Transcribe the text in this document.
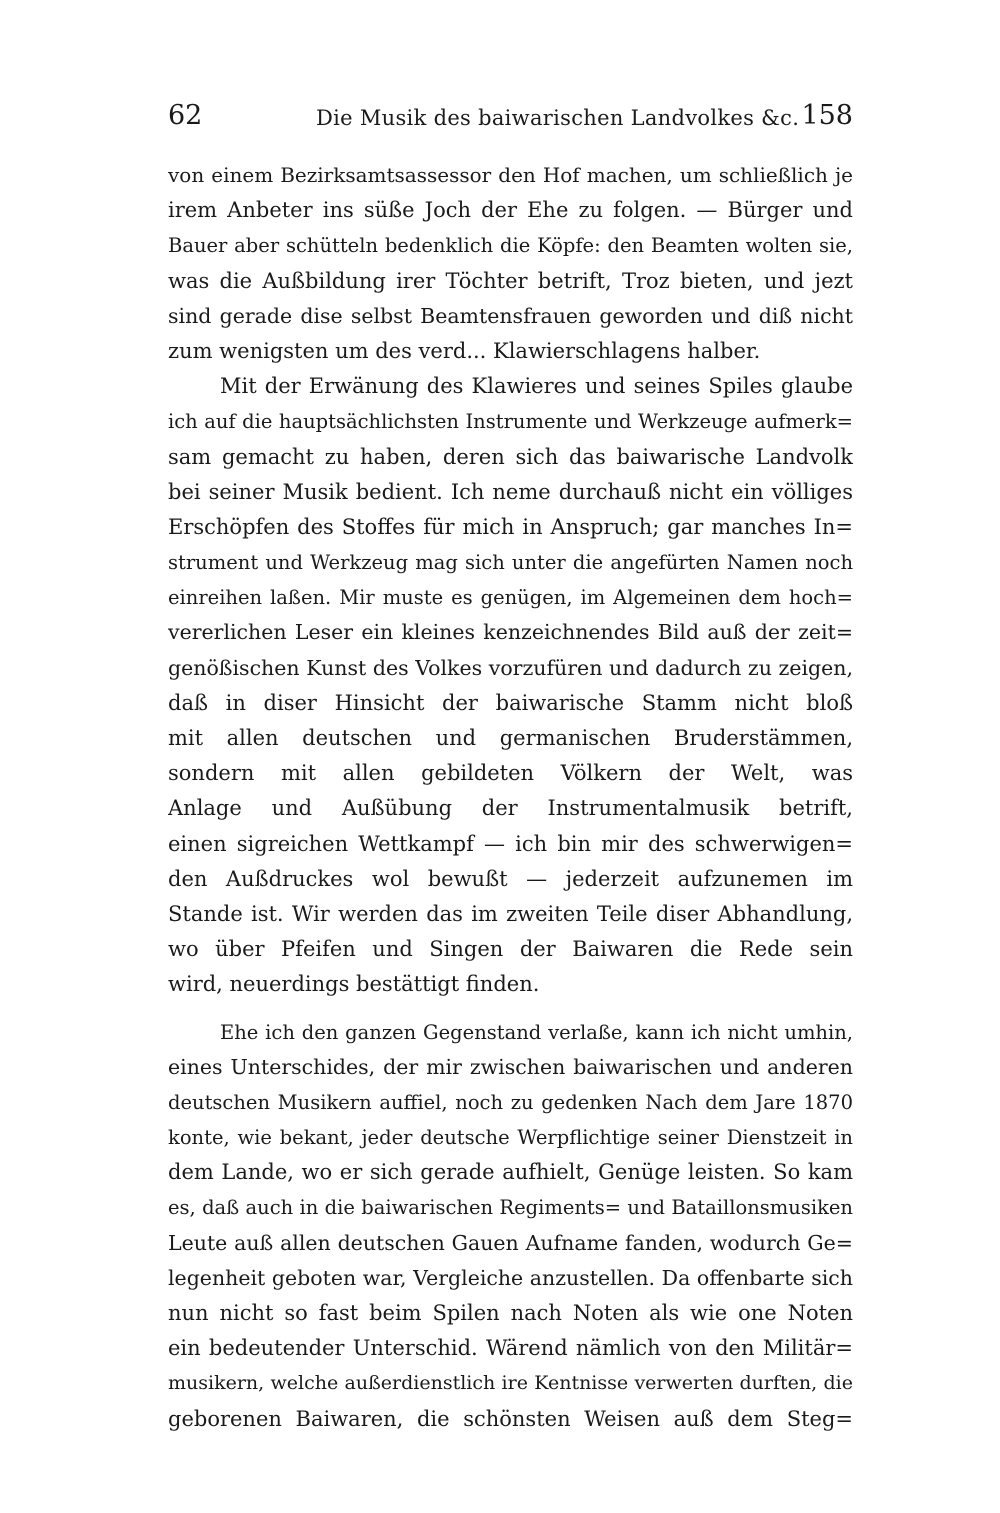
62	Die Musik des baiwarischen Landvolkes &c. 158
von einem Bezirksamtsassessor den Hof machen, um schließlich je
irem Anbeter ins süße Joch der Ehe zu folgen. — Bürger und
Bauer aber schütteln bedenklich die Köpfe: den Beamten wolten sie,
was die Außbildung irer Töchter betrift, Troz bieten, und jezt
sind gerade dise selbst Beamtensfrauen geworden und diß nicht
zum wenigsten um des verd... Klawierschlagens halber.
Mit der Erwänung des Klawieres und seines Spiles glaube
ich auf die hauptsächlichsten Instrumente und Werkzeuge aufmerk=
sam gemacht zu haben, deren sich das baiwarische Landvolk
bei seiner Musik bedient. Ich neme durchauß nicht ein völliges
Erschöpfen des Stoffes für mich in Anspruch; gar manches In=
strument und Werkzeug mag sich unter die angefürten Namen noch
einreihen laßen. Mir muste es genügen, im Algemeinen dem hoch=
vererlichen Leser ein kleines kenzeichnendes Bild auß der zeit=
genößischen Kunst des Volkes vorzufüren und dadurch zu zeigen,
daß in diser Hinsicht der baiwarische Stamm nicht bloß
mit allen deutschen und germanischen Bruderstämmen,
sondern mit allen gebildeten Völkern der Welt, was
Anlage und Außübung der Instrumentalmusik betrift,
einen sigreichen Wettkampf — ich bin mir des schwerwigen=
den Außdruckes wol bewußt — jederzeit aufzunemen im
Stande ist. Wir werden das im zweiten Teile diser Abhandlung,
wo über Pfeifen und Singen der Baiwaren die Rede sein
wird, neuerdings bestättigt finden.
Ehe ich den ganzen Gegenstand verlaße, kann ich nicht umhin,
eines Unterschides, der mir zwischen baiwarischen und anderen
deutschen Musikern auffiel, noch zu gedenken Nach dem Jare 1870
konte, wie bekant, jeder deutsche Werpflichtige seiner Dienstzeit in
dem Lande, wo er sich gerade aufhielt, Genüge leisten. So kam
es, daß auch in die baiwarischen Regiments= und Bataillonsmusiken
Leute auß allen deutschen Gauen Aufname fanden, wodurch Ge=
legenheit geboten war, Vergleiche anzustellen. Da offenbarte sich
nun nicht so fast beim Spilen nach Noten als wie one Noten
ein bedeutender Unterschid. Wärend nämlich von den Militär=
musikern, welche außerdienstlich ire Kentnisse verwerten durften, die
geborenen Baiwaren, die schönsten Weisen auß dem Steg=
